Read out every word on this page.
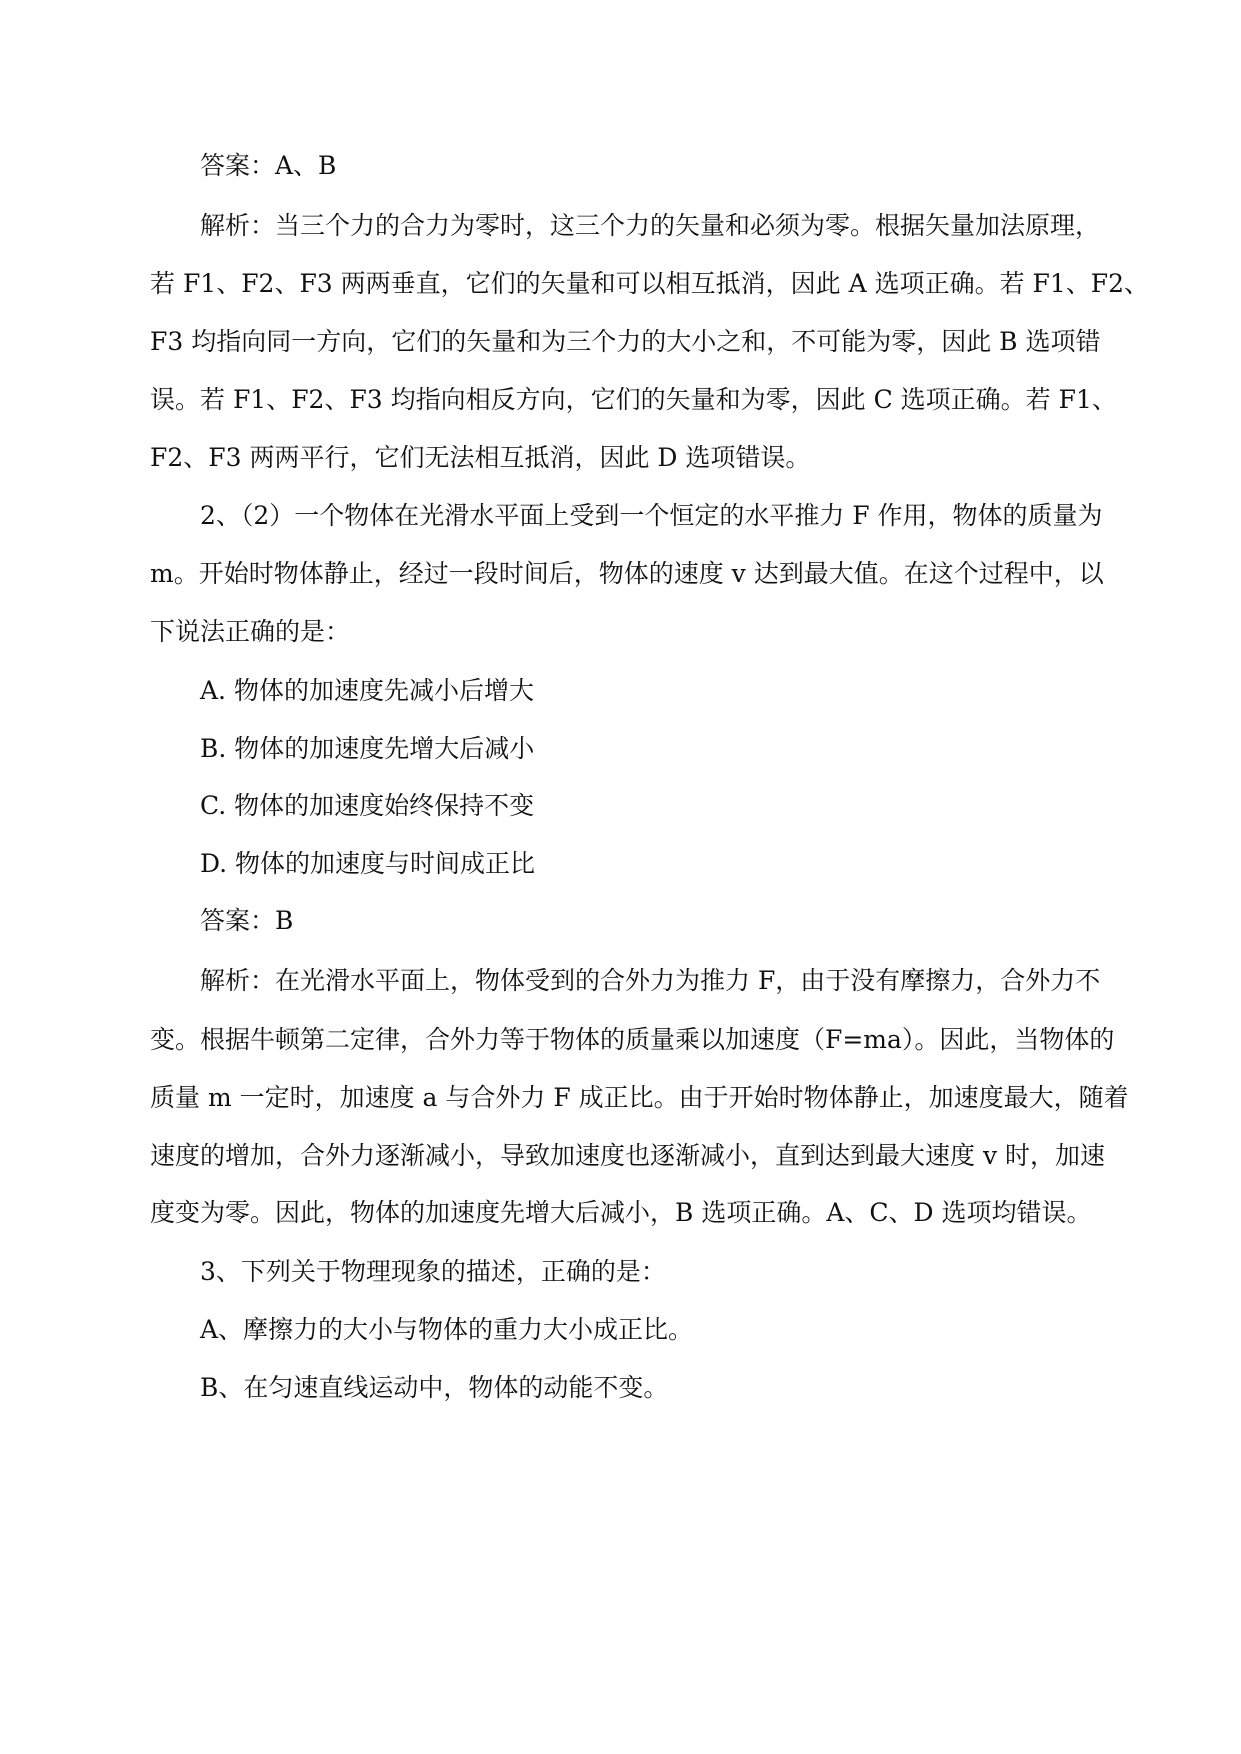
答案：A、B
解析：当三个力的合力为零时，这三个力的矢量和必须为零。根据矢量加法原理，
若 F1、F2、F3 两两垂直，它们的矢量和可以相互抵消，因此 A 选项正确。若 F1、F2、
F3 均指向同一方向，它们的矢量和为三个力的大小之和，不可能为零，因此 B 选项错
误。若 F1、F2、F3 均指向相反方向，它们的矢量和为零，因此 C 选项正确。若 F1、
F2、F3 两两平行，它们无法相互抵消，因此 D 选项错误。
2、（2）一个物体在光滑水平面上受到一个恒定的水平推力 F 作用，物体的质量为
m。开始时物体静止，经过一段时间后，物体的速度 v 达到最大值。在这个过程中，以
下说法正确的是：
A. 物体的加速度先减小后增大
B. 物体的加速度先增大后减小
C. 物体的加速度始终保持不变
D. 物体的加速度与时间成正比
答案：B
解析：在光滑水平面上，物体受到的合外力为推力 F，由于没有摩擦力，合外力不
变。根据牛顿第二定律，合外力等于物体的质量乘以加速度（F=ma）。因此，当物体的
质量 m 一定时，加速度 a 与合外力 F 成正比。由于开始时物体静止，加速度最大，随着
速度的增加，合外力逐渐减小，导致加速度也逐渐减小，直到达到最大速度 v 时，加速
度变为零。因此，物体的加速度先增大后减小，B 选项正确。A、C、D 选项均错误。
3、下列关于物理现象的描述，正确的是：
A、摩擦力的大小与物体的重力大小成正比。
B、在匀速直线运动中，物体的动能不变。
